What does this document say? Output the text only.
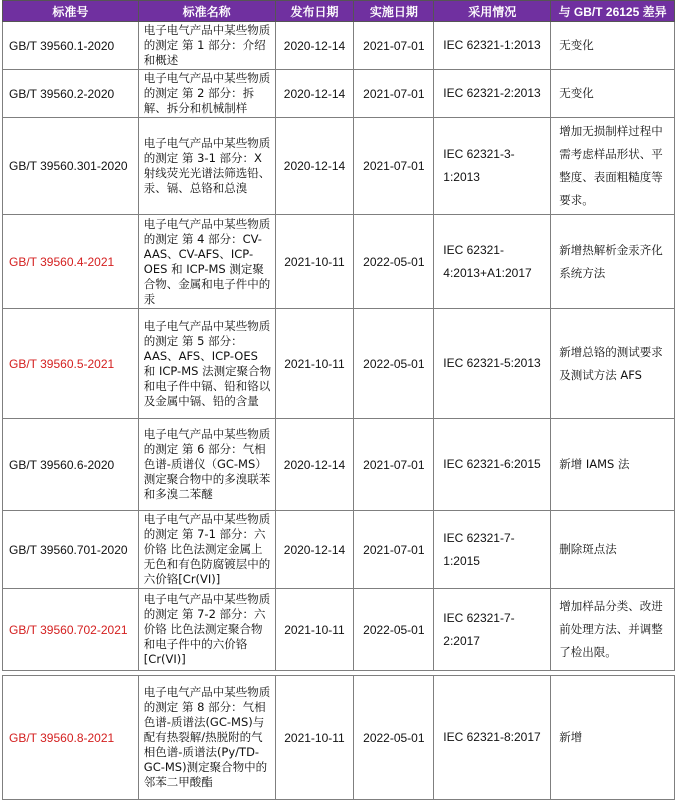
标准号	标准名称	发布日期	实施日期	采用情况	与 GB/T 26125 差异
GB/T 39560.1-2020	电子电气产品中某些物质的测定 第 1 部分：介绍和概述	2020-12-14	2021-07-01	IEC 62321-1:2013	无变化
GB/T 39560.2-2020	电子电气产品中某些物质的测定 第 2 部分：拆解、拆分和机械制样	2020-12-14	2021-07-01	IEC 62321-2:2013	无变化
GB/T 39560.301-2020	电子电气产品中某些物质的测定 第 3-1 部分：X 射线荧光光谱法筛选铅、汞、镉、总铬和总溴	2020-12-14	2021-07-01	IEC 62321-3-1:2013	增加无损制样过程中需考虑样品形状、平整度、表面粗糙度等要求。
GB/T 39560.4-2021	电子电气产品中某些物质的测定 第 4 部分：CV-AAS、CV-AFS、ICP-OES 和 ICP-MS 测定聚合物、金属和电子件中的汞	2021-10-11	2022-05-01	IEC 62321-4:2013+A1:2017	新增热解析金汞齐化系统方法
GB/T 39560.5-2021	电子电气产品中某些物质的测定 第 5 部分：AAS、AFS、ICP-OES 和 ICP-MS 法测定聚合物和电子件中镉、铅和铬以及金属中镉、铅的含量	2021-10-11	2022-05-01	IEC 62321-5:2013	新增总铬的测试要求及测试方法 AFS
GB/T 39560.6-2020	电子电气产品中某些物质的测定 第 6 部分：气相色谱-质谱仪（GC-MS）测定聚合物中的多溴联苯和多溴二苯醚	2020-12-14	2021-07-01	IEC 62321-6:2015	新增 IAMS 法
GB/T 39560.701-2020	电子电气产品中某些物质的测定 第 7-1 部分：六价铬 比色法测定金属上无色和有色防腐镀层中的六价铬[Cr(VI)]	2020-12-14	2021-07-01	IEC 62321-7-1:2015	删除斑点法
GB/T 39560.702-2021	电子电气产品中某些物质的测定 第 7-2 部分：六价铬 比色法测定聚合物和电子件中的六价铬[Cr(VI)]	2021-10-11	2022-05-01	IEC 62321-7-2:2017	增加样品分类、改进前处理方法、并调整了检出限。

GB/T 39560.8-2021	电子电气产品中某些物质的测定 第 8 部分：气相色谱-质谱法(GC-MS)与配有热裂解/热脱附的气相色谱-质谱法(Py/TD-GC-MS)测定聚合物中的邻苯二甲酸酯	2021-10-11	2022-05-01	IEC 62321-8:2017	新增
